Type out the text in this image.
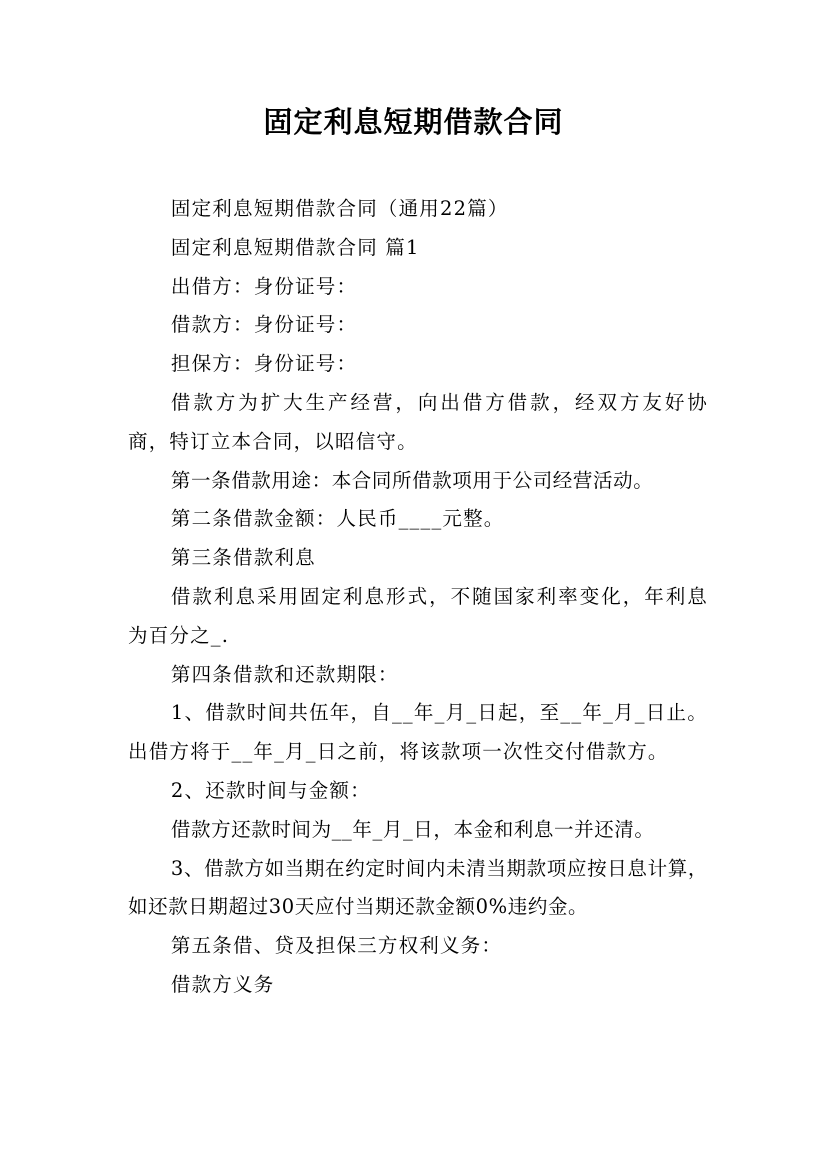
固定利息短期借款合同

固定利息短期借款合同（通用22篇）

固定利息短期借款合同 篇1

出借方：身份证号：

借款方：身份证号：

担保方：身份证号：

借款方为扩大生产经营，向出借方借款，经双方友好协商，特订立本合同，以昭信守。

第一条借款用途：本合同所借款项用于公司经营活动。

第二条借款金额：人民币____元整。

第三条借款利息

借款利息采用固定利息形式，不随国家利率变化，年利息为百分之_.

第四条借款和还款期限：

1、借款时间共伍年，自__年_月_日起，至__年_月_日止。出借方将于__年_月_日之前，将该款项一次性交付借款方。

2、还款时间与金额：

借款方还款时间为__年_月_日，本金和利息一并还清。

3、借款方如当期在约定时间内未清当期款项应按日息计算，如还款日期超过30天应付当期还款金额0%违约金。

第五条借、贷及担保三方权利义务：

借款方义务
